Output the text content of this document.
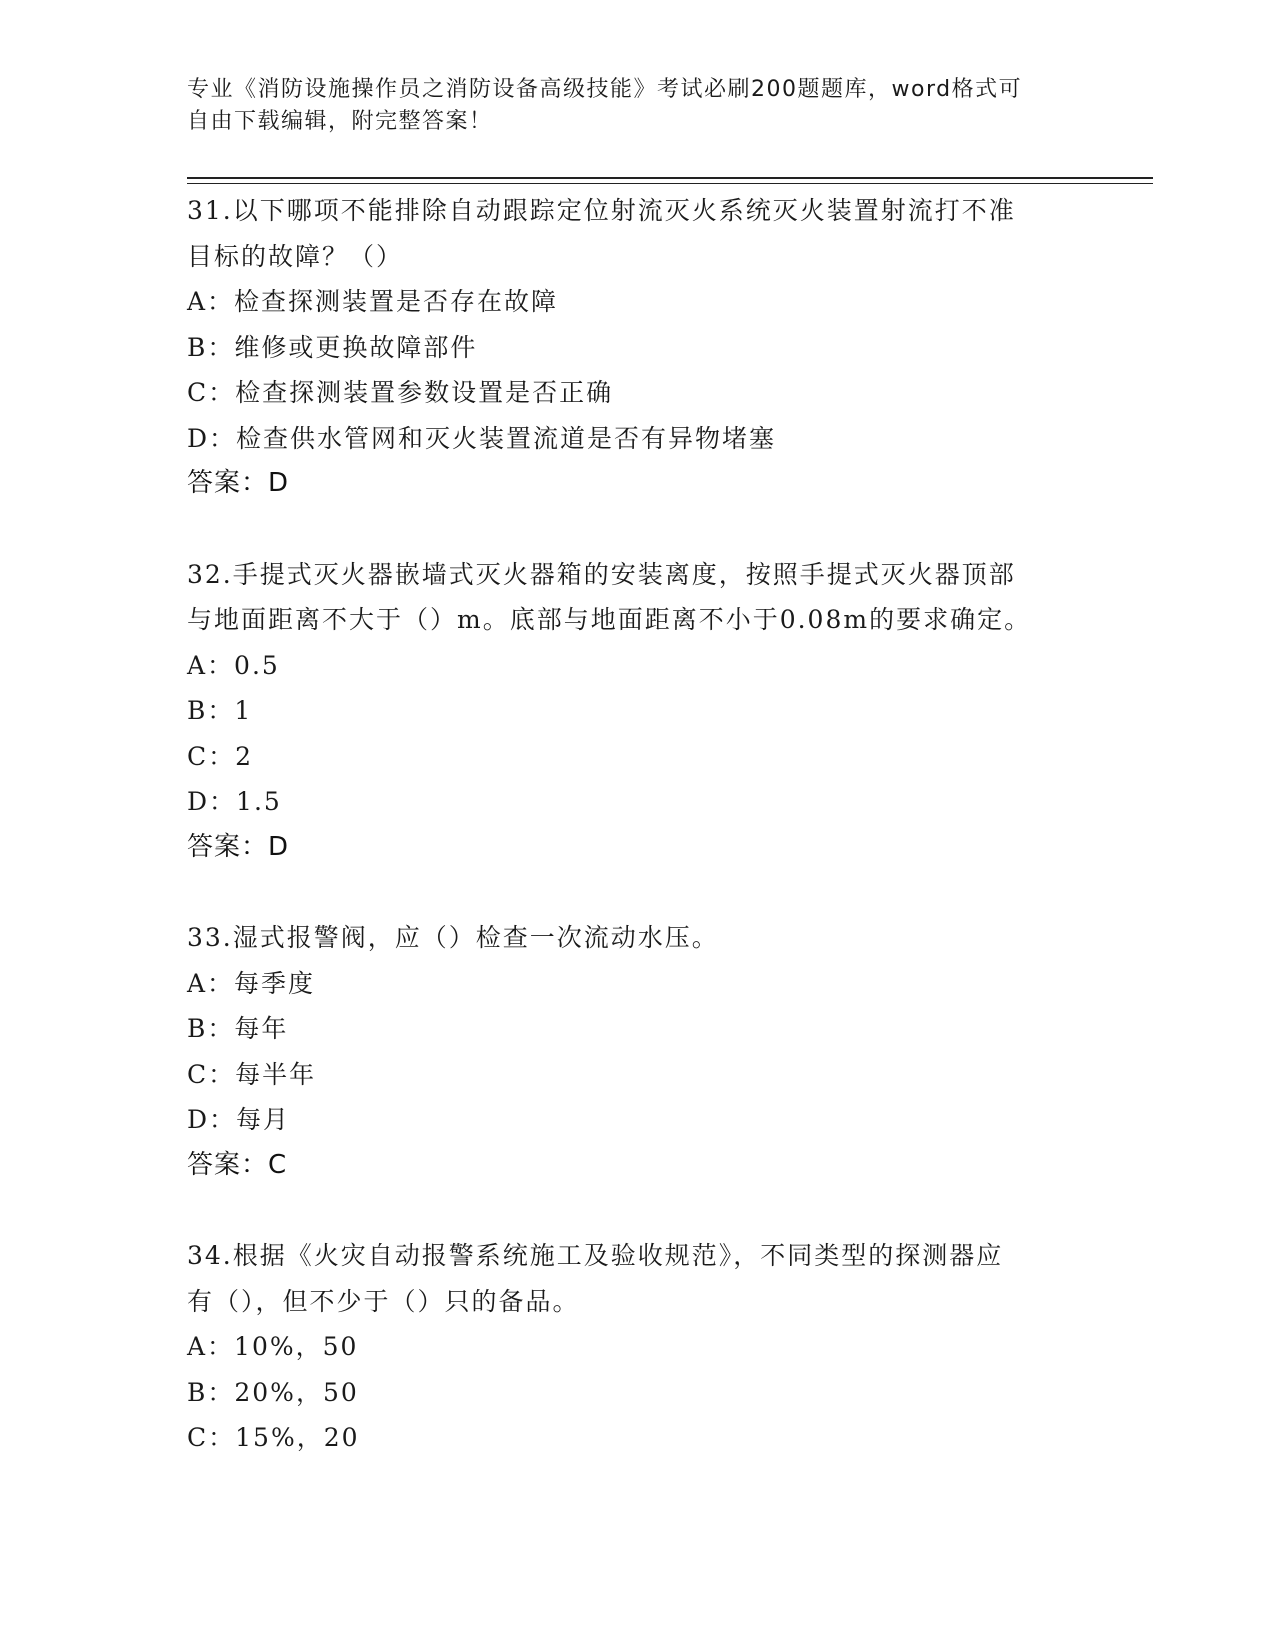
专业《消防设施操作员之消防设备高级技能》考试必刷200题题库，word格式可
自由下载编辑，附完整答案！
31.以下哪项不能排除自动跟踪定位射流灭火系统灭火装置射流打不准
目标的故障？（）
A：检查探测装置是否存在故障
B：维修或更换故障部件
C：检查探测装置参数设置是否正确
D：检查供水管网和灭火装置流道是否有异物堵塞
答案：D
32.手提式灭火器嵌墙式灭火器箱的安装离度，按照手提式灭火器顶部
与地面距离不大于（）m。底部与地面距离不小于0.08m的要求确定。
A：0.5
B：1
C：2
D：1.5
答案：D
33.湿式报警阀，应（）检查一次流动水压。
A：每季度
B：每年
C：每半年
D：每月
答案：C
34.根据《火灾自动报警系统施工及验收规范》，不同类型的探测器应
有（），但不少于（）只的备品。
A：10%，50
B：20%，50
C：15%，20
